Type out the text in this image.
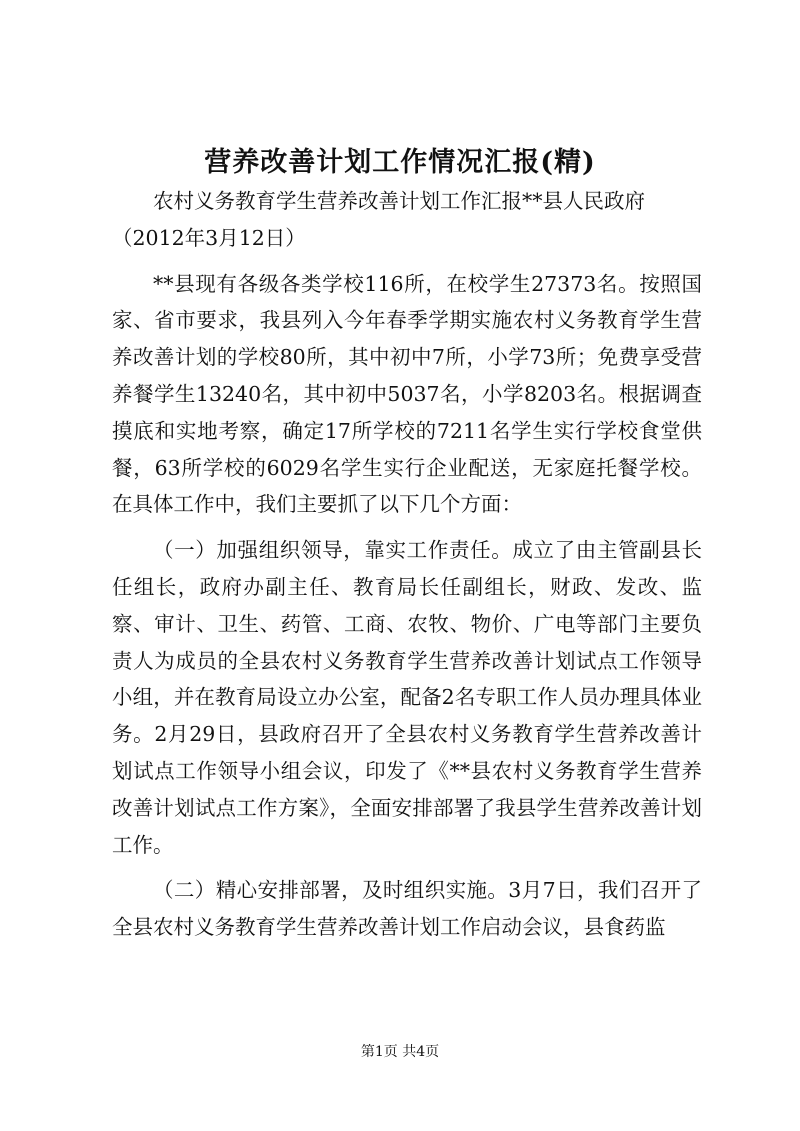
营养改善计划工作情况汇报(精)

农村义务教育学生营养改善计划工作汇报**县人民政府

（2012年3月12日）

**县现有各级各类学校116所，在校学生27373名。按照国家、省市要求，我县列入今年春季学期实施农村义务教育学生营养改善计划的学校80所，其中初中7所，小学73所；免费享受营养餐学生13240名，其中初中5037名，小学8203名。根据调查摸底和实地考察，确定17所学校的7211名学生实行学校食堂供餐，63所学校的6029名学生实行企业配送，无家庭托餐学校。在具体工作中，我们主要抓了以下几个方面：

（一）加强组织领导，靠实工作责任。成立了由主管副县长任组长，政府办副主任、教育局长任副组长，财政、发改、监察、审计、卫生、药管、工商、农牧、物价、广电等部门主要负责人为成员的全县农村义务教育学生营养改善计划试点工作领导小组，并在教育局设立办公室，配备2名专职工作人员办理具体业务。2月29日，县政府召开了全县农村义务教育学生营养改善计划试点工作领导小组会议，印发了《**县农村义务教育学生营养改善计划试点工作方案》，全面安排部署了我县学生营养改善计划工作。

（二）精心安排部署，及时组织实施。3月7日，我们召开了全县农村义务教育学生营养改善计划工作启动会议，县食药监

第1页 共4页
